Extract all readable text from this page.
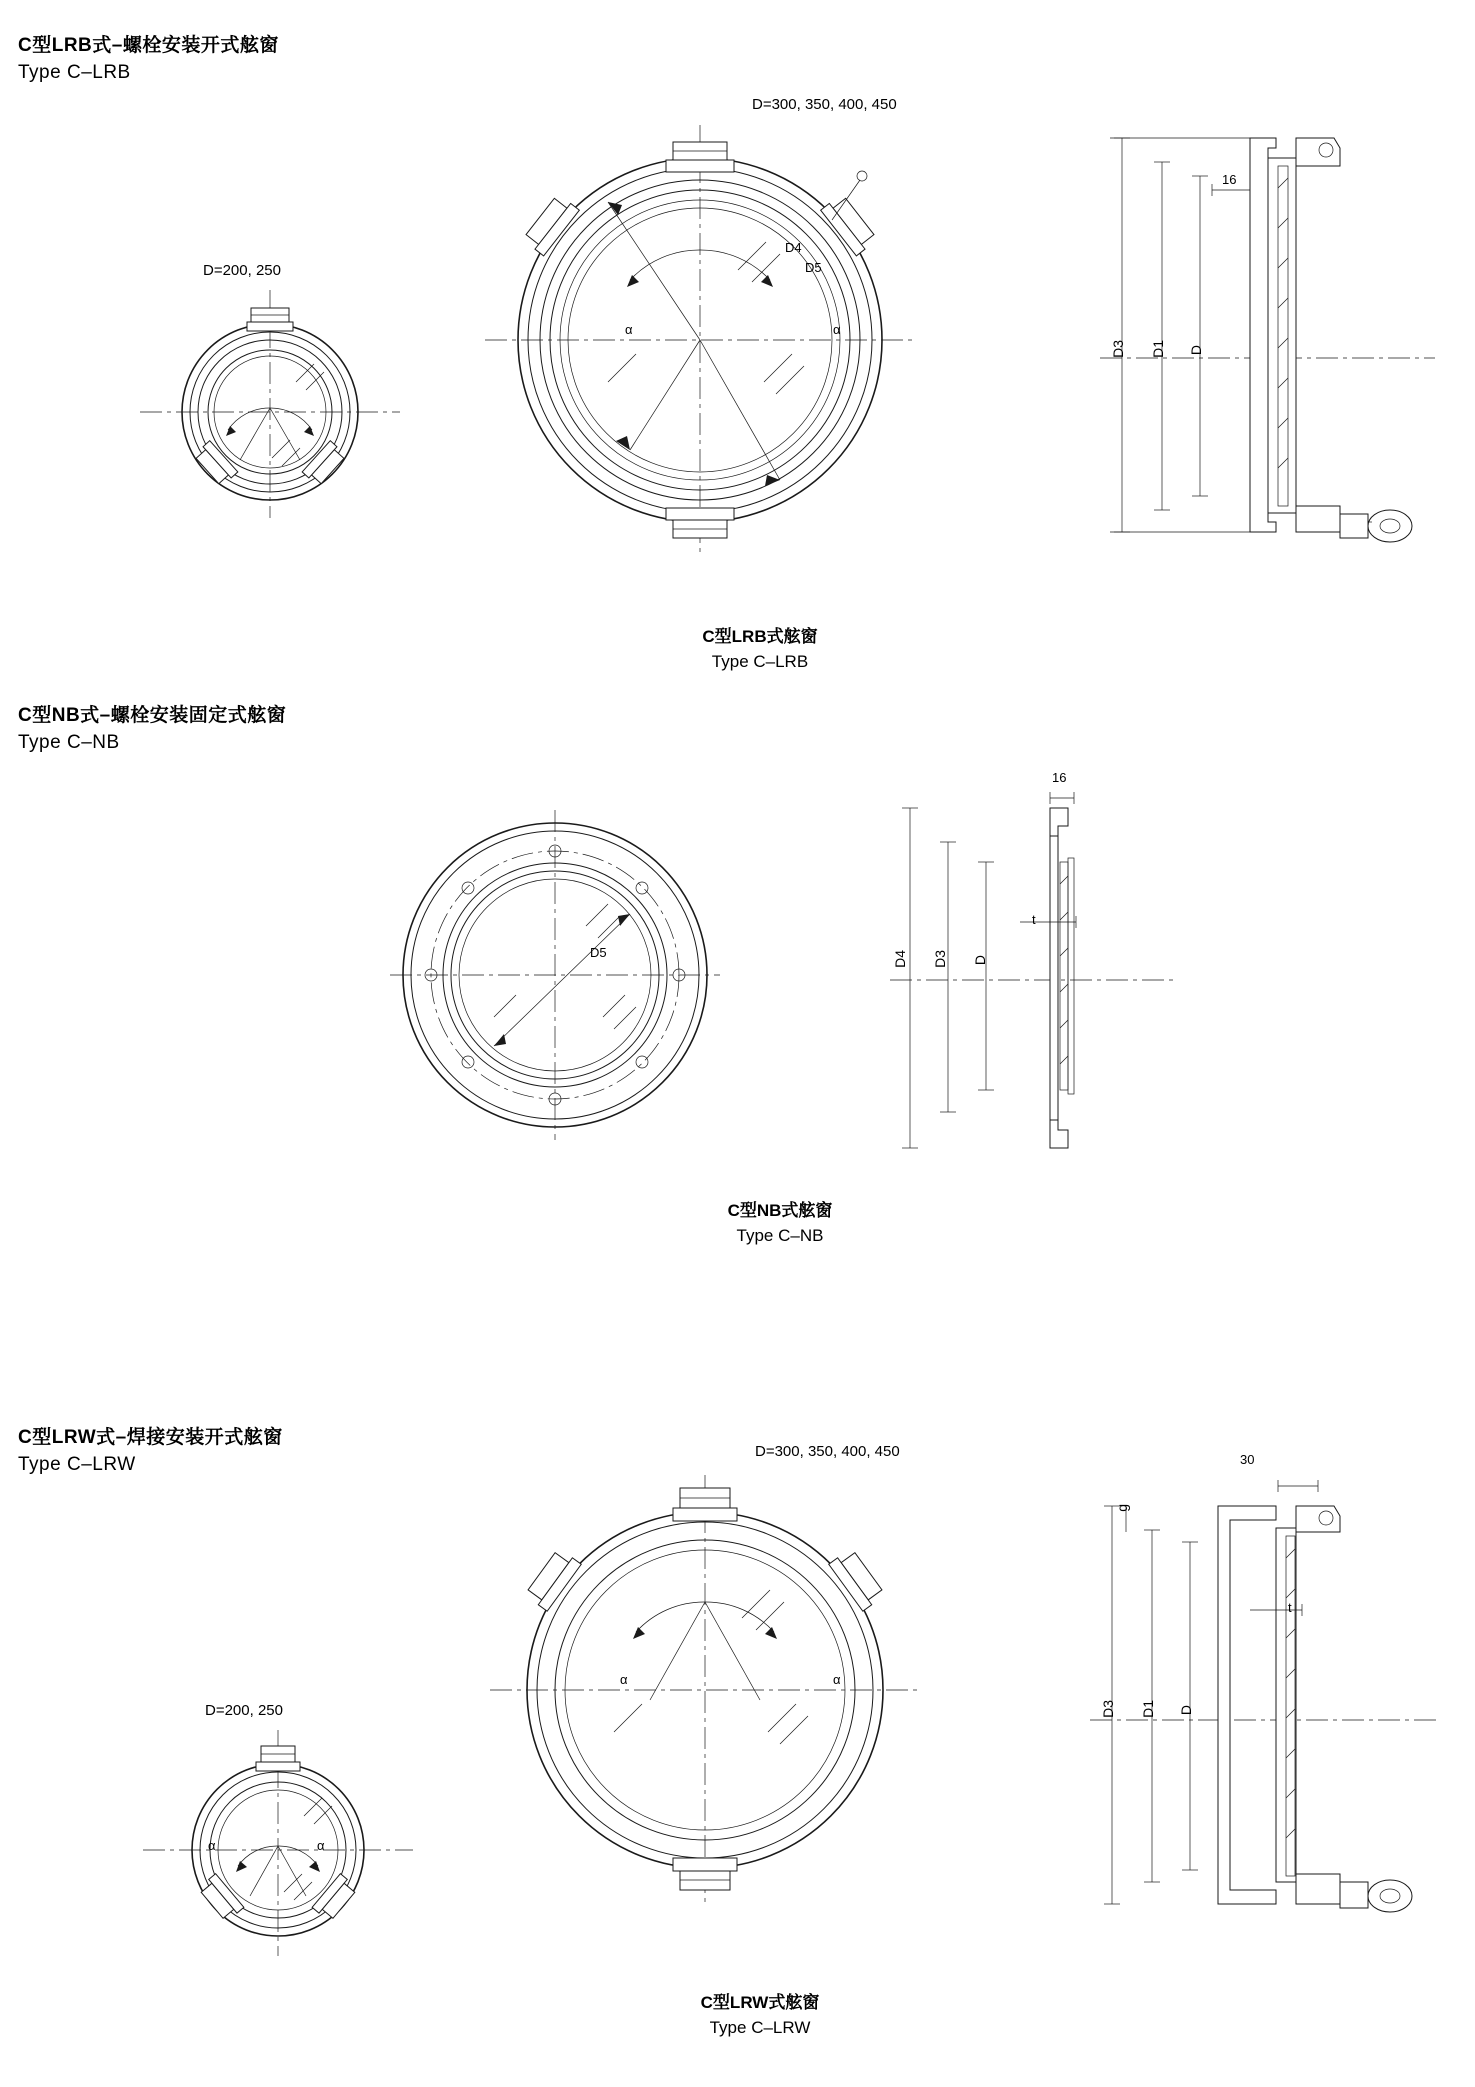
C型LRB式–螺栓安装开式舷窗
Type C–LRB
D=300, 350, 400, 450
D=200, 250
D4
D5
α	α
C型LRB式舷窗
Type C–LRB
D3 D1 D
16
C型NB式–螺栓安装固定式舷窗
Type C–NB
D5
C型NB式舷窗
Type C–NB
16
t
D4 D3 D
C型LRW式–焊接安装开式舷窗
Type C–LRW
D=300, 350, 400, 450
D=200, 250
α	α
α	α
C型LRW式舷窗
Type C–LRW
30
g
t
D3 D1 D
